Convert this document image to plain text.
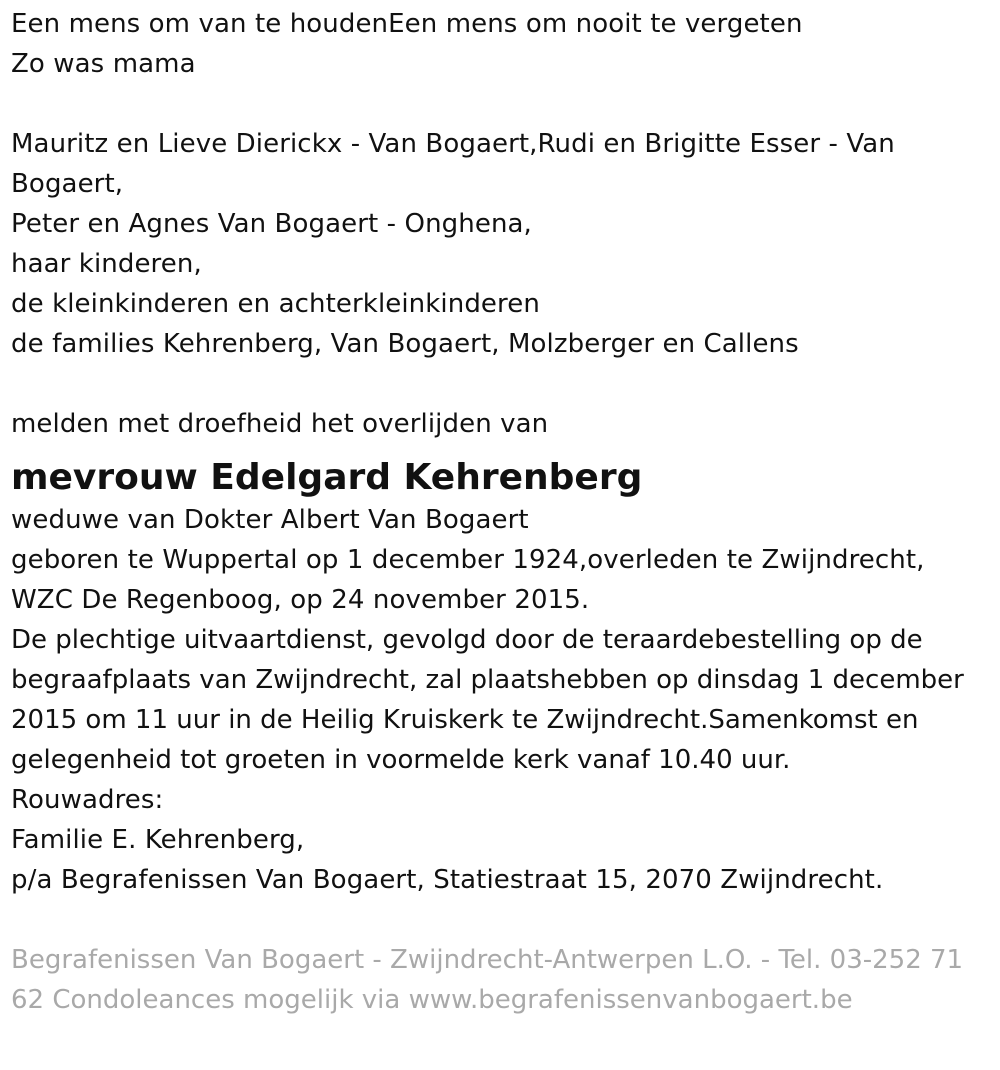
Een mens om van te houdenEen mens om nooit te vergeten
Zo was mama
Mauritz en Lieve Dierickx - Van Bogaert,Rudi en Brigitte Esser - Van
Bogaert,
Peter en Agnes Van Bogaert - Onghena,
haar kinderen,
de kleinkinderen en achterkleinkinderen
de families Kehrenberg, Van Bogaert, Molzberger en Callens
melden met droefheid het overlijden van
mevrouw Edelgard Kehrenberg
weduwe van Dokter Albert Van Bogaert
geboren te Wuppertal op 1 december 1924,overleden te Zwijndrecht,
WZC De Regenboog, op 24 november 2015.
De plechtige uitvaartdienst, gevolgd door de teraardebestelling op de begraafplaats van Zwijndrecht, zal plaatshebben op dinsdag 1 december 2015 om 11 uur in de Heilig Kruiskerk te Zwijndrecht.Samenkomst en gelegenheid tot groeten in voormelde kerk vanaf 10.40 uur.
Rouwadres:
Familie E. Kehrenberg,
p/a Begrafenissen Van Bogaert, Statiestraat 15, 2070 Zwijndrecht.
Begrafenissen Van Bogaert - Zwijndrecht-Antwerpen L.O. - Tel. 03-252 71 62 Condoleances mogelijk via www.begrafenissenvanbogaert.be
